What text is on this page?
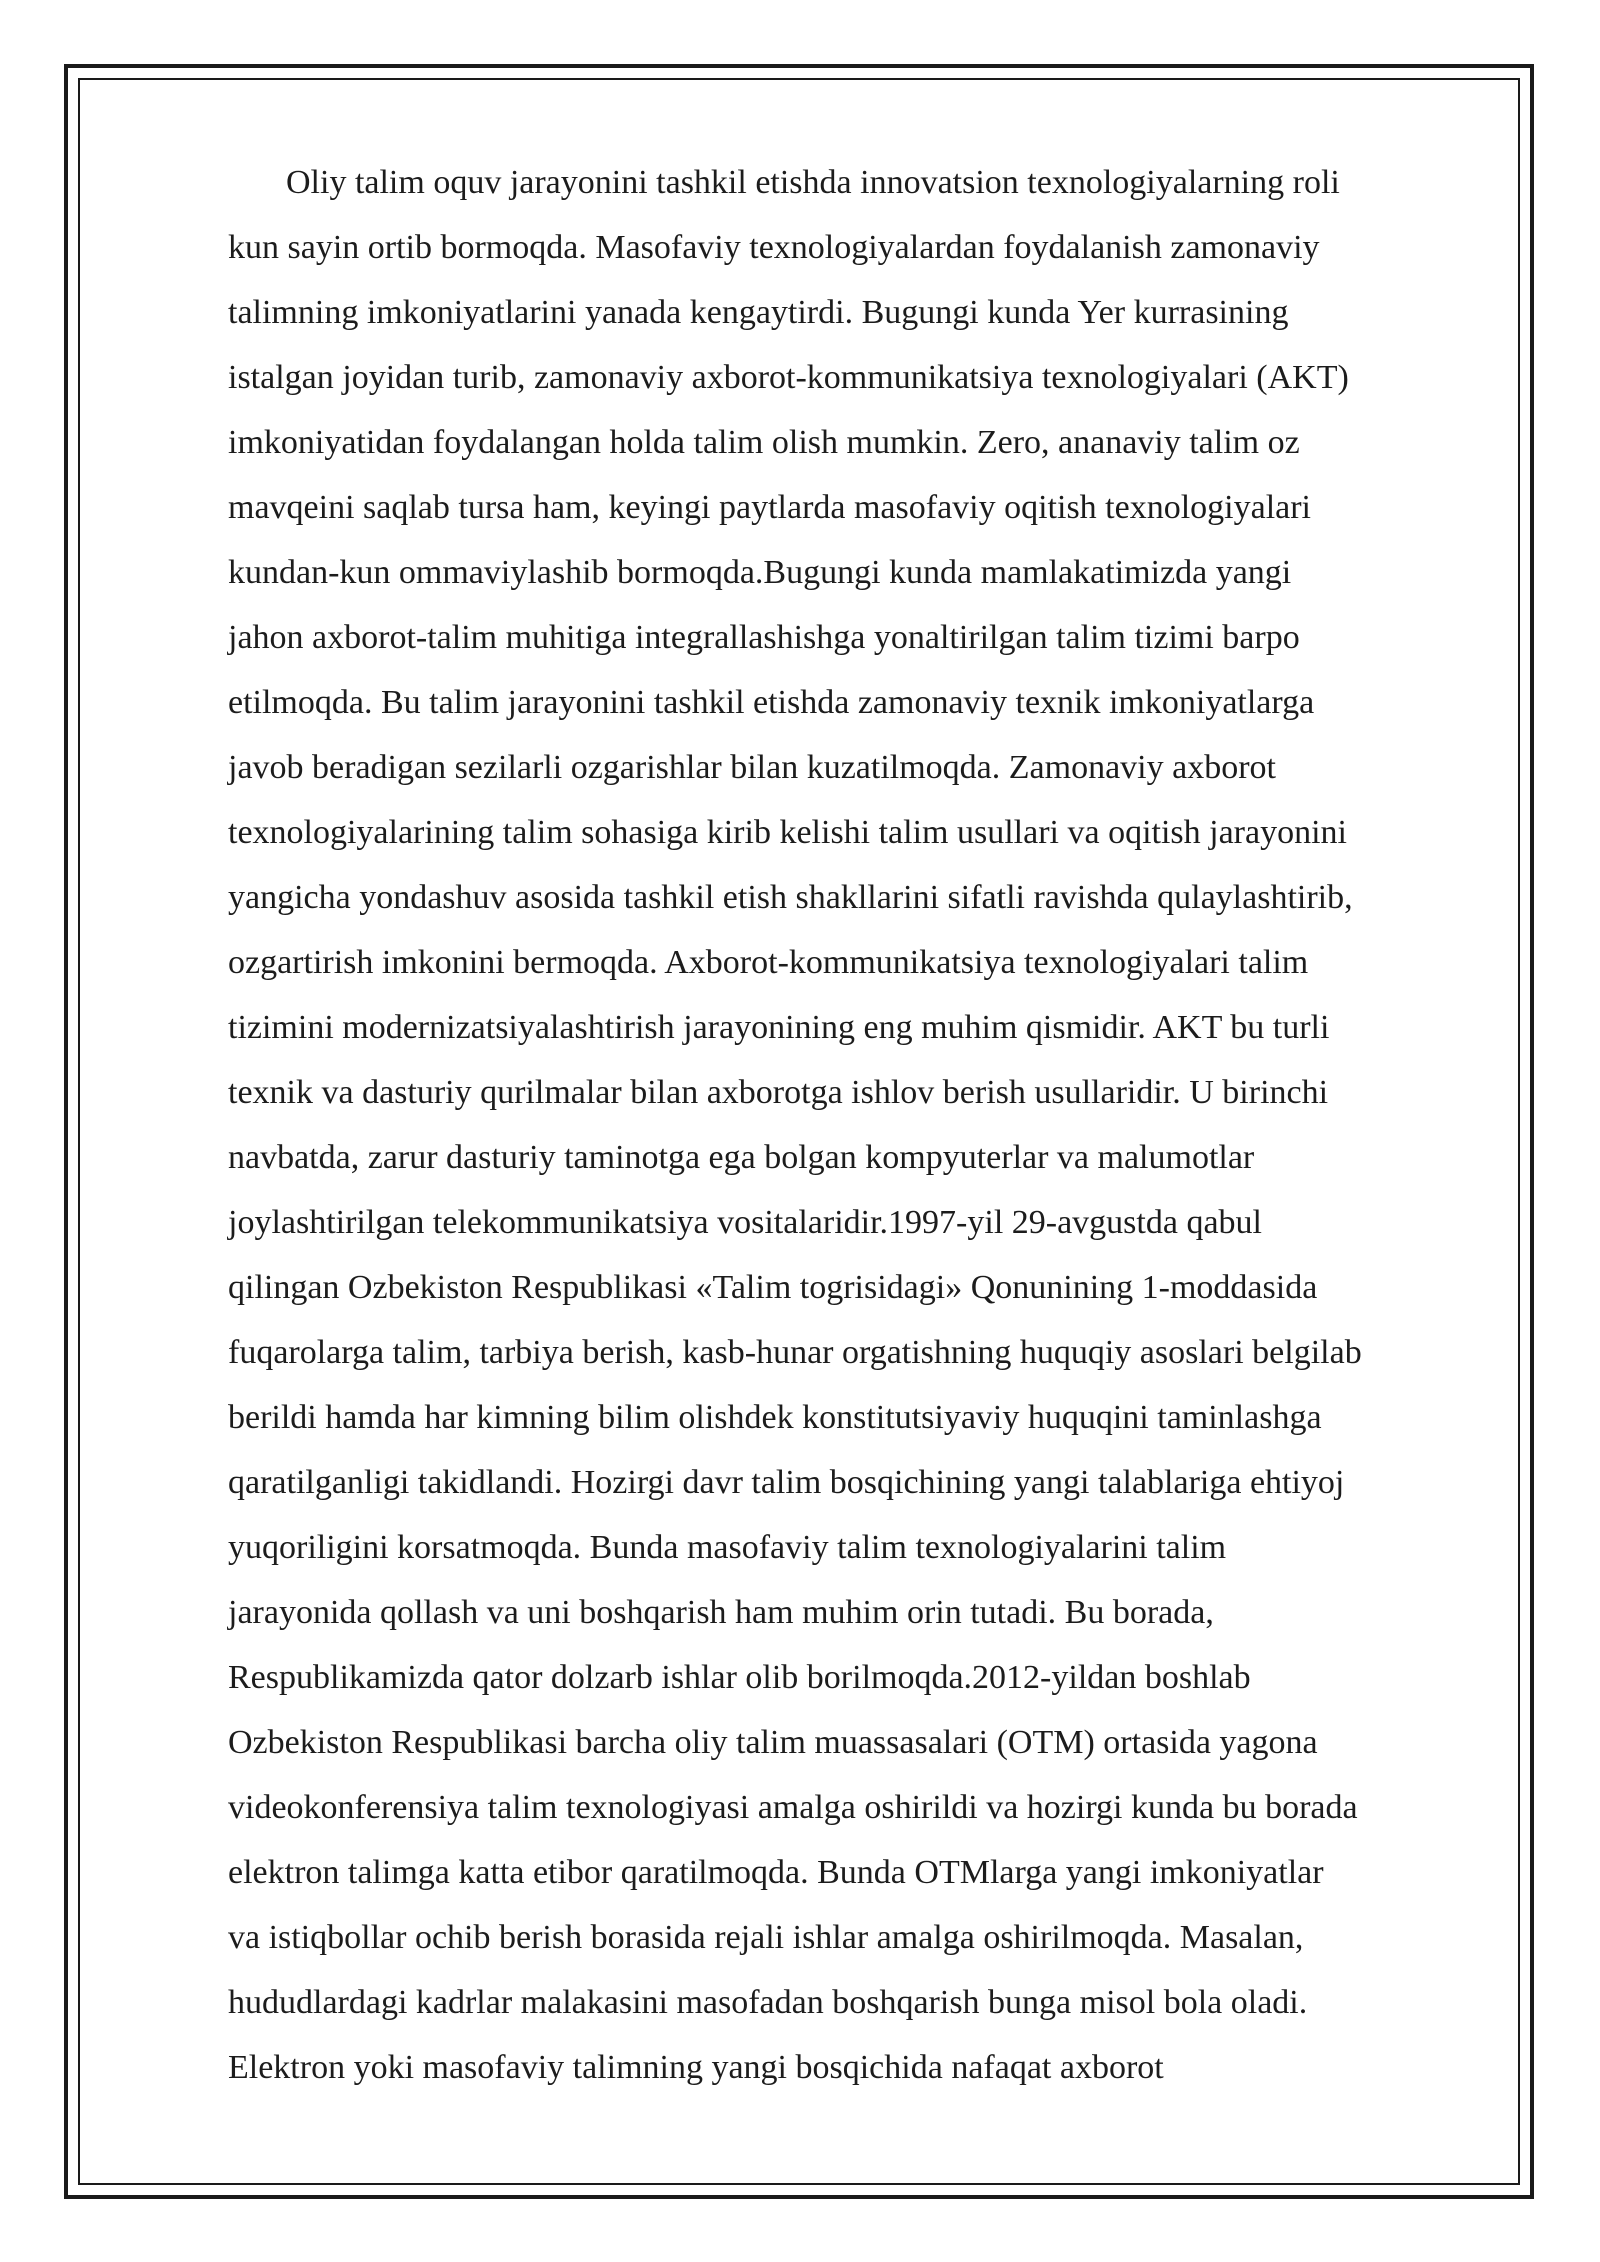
Oliy talim oquv jarayonini tashkil etishda innovatsion texnologiyalarning roli
kun sayin ortib bormoqda. Masofaviy texnologiyalardan foydalanish zamonaviy
talimning imkoniyatlarini yanada kengaytirdi. Bugungi kunda Yer kurrasining
istalgan joyidan turib, zamonaviy axborot-kommunikatsiya texnologiyalari (AKT)
imkoniyatidan foydalangan holda talim olish mumkin. Zero, ananaviy talim oz
mavqeini saqlab tursa ham, keyingi paytlarda masofaviy oqitish texnologiyalari
kundan-kun ommaviylashib bormoqda.Bugungi kunda mamlakatimizda yangi
jahon axborot-talim muhitiga integrallashishga yonaltirilgan talim tizimi barpo
etilmoqda. Bu talim jarayonini tashkil etishda zamonaviy texnik imkoniyatlarga
javob beradigan sezilarli ozgarishlar bilan kuzatilmoqda. Zamonaviy axborot
texnologiyalarining talim sohasiga kirib kelishi talim usullari va oqitish jarayonini
yangicha yondashuv asosida tashkil etish shakllarini sifatli ravishda qulaylashtirib,
ozgartirish imkonini bermoqda. Axborot-kommunikatsiya texnologiyalari talim
tizimini modernizatsiyalashtirish jarayonining eng muhim qismidir. AKT bu turli
texnik va dasturiy qurilmalar bilan axborotga ishlov berish usullaridir. U birinchi
navbatda, zarur dasturiy taminotga ega bolgan kompyuterlar va malumotlar
joylashtirilgan telekommunikatsiya vositalaridir.1997-yil 29-avgustda qabul
qilingan Ozbekiston Respublikasi «Talim togrisidagi» Qonunining 1-moddasida
fuqarolarga talim, tarbiya berish, kasb-hunar orgatishning huquqiy asoslari belgilab
berildi hamda har kimning bilim olishdek konstitutsiyaviy huquqini taminlashga
qaratilganligi takidlandi. Hozirgi davr talim bosqichining yangi talablariga ehtiyoj
yuqoriligini korsatmoqda. Bunda masofaviy talim texnologiyalarini talim
jarayonida qollash va uni boshqarish ham muhim orin tutadi. Bu borada,
Respublikamizda qator dolzarb ishlar olib borilmoqda.2012-yildan boshlab
Ozbekiston Respublikasi barcha oliy talim muassasalari (OTM) ortasida yagona
videokonferensiya talim texnologiyasi amalga oshirildi va hozirgi kunda bu borada
elektron talimga katta etibor qaratilmoqda. Bunda OTMlarga yangi imkoniyatlar
va istiqbollar ochib berish borasida rejali ishlar amalga oshirilmoqda. Masalan,
hududlardagi kadrlar malakasini masofadan boshqarish bunga misol bola oladi.
Elektron yoki masofaviy talimning yangi bosqichida nafaqat axborot
